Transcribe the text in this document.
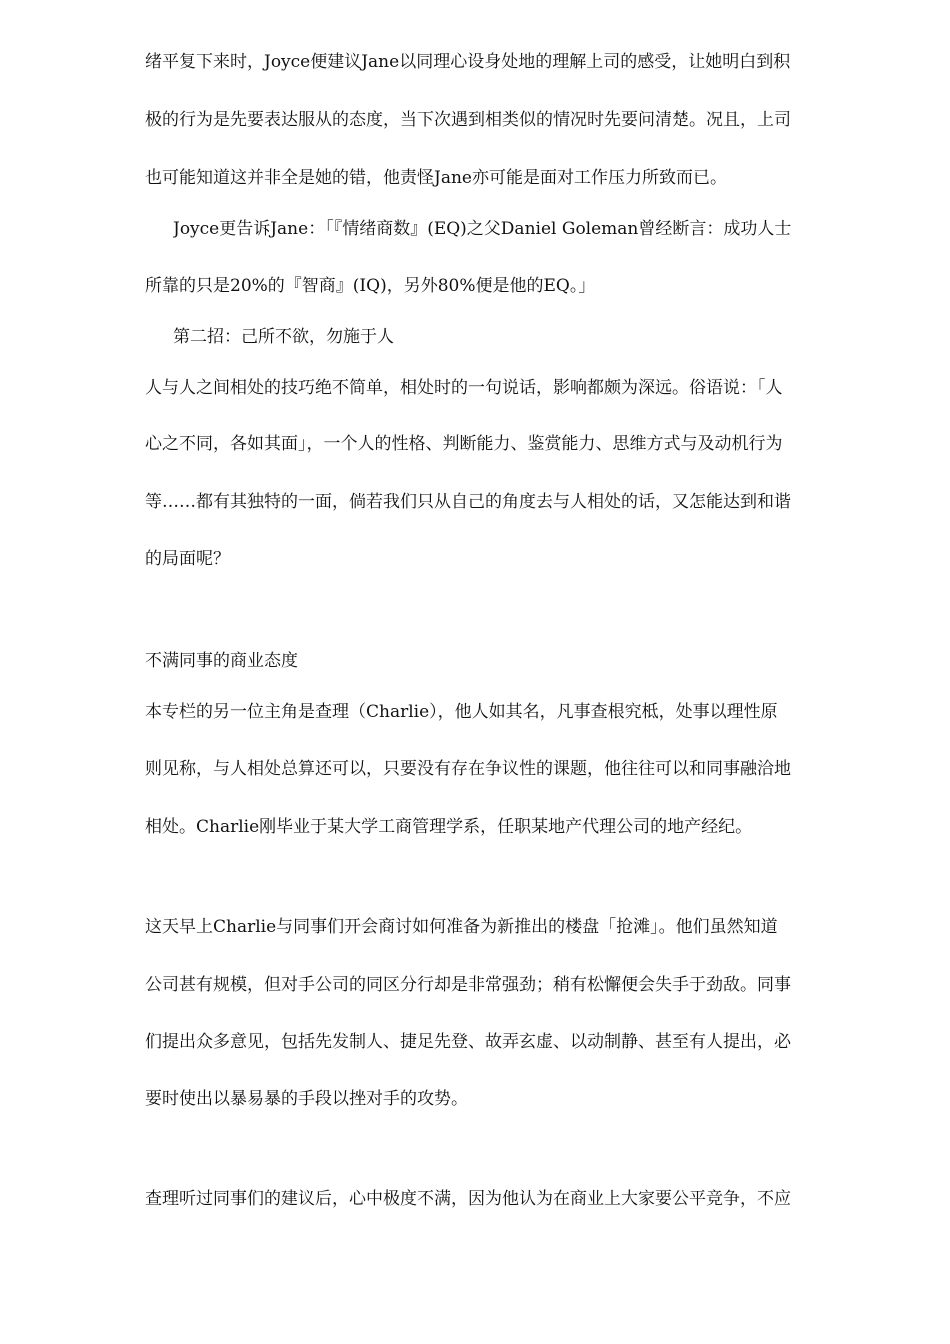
绪平复下来时，Joyce便建议Jane以同理心设身处地的理解上司的感受，让她明白到积
极的行为是先要表达服从的态度，当下次遇到相类似的情况时先要问清楚。况且，上司
也可能知道这并非全是她的错，他责怪Jane亦可能是面对工作压力所致而已。
Joyce更告诉Jane：「『情绪商数』(EQ)之父Daniel Goleman曾经断言：成功人士
所靠的只是20%的『智商』(IQ)，另外80%便是他的EQ。」
第二招：己所不欲，勿施于人
人与人之间相处的技巧绝不简单，相处时的一句说话，影响都颇为深远。俗语说：「人
心之不同，各如其面」，一个人的性格、判断能力、鉴赏能力、思维方式与及动机行为
等……都有其独特的一面，倘若我们只从自己的角度去与人相处的话，又怎能达到和谐
的局面呢？
不满同事的商业态度
本专栏的另一位主角是查理（Charlie），他人如其名，凡事查根究柢，处事以理性原
则见称，与人相处总算还可以，只要没有存在争议性的课题，他往往可以和同事融洽地
相处。Charlie刚毕业于某大学工商管理学系，任职某地产代理公司的地产经纪。
这天早上Charlie与同事们开会商讨如何准备为新推出的楼盘「抢滩」。他们虽然知道
公司甚有规模，但对手公司的同区分行却是非常强劲；稍有松懈便会失手于劲敌。同事
们提出众多意见，包括先发制人、捷足先登、故弄玄虚、以动制静、甚至有人提出，必
要时使出以暴易暴的手段以挫对手的攻势。
查理听过同事们的建议后，心中极度不满，因为他认为在商业上大家要公平竞争，不应
